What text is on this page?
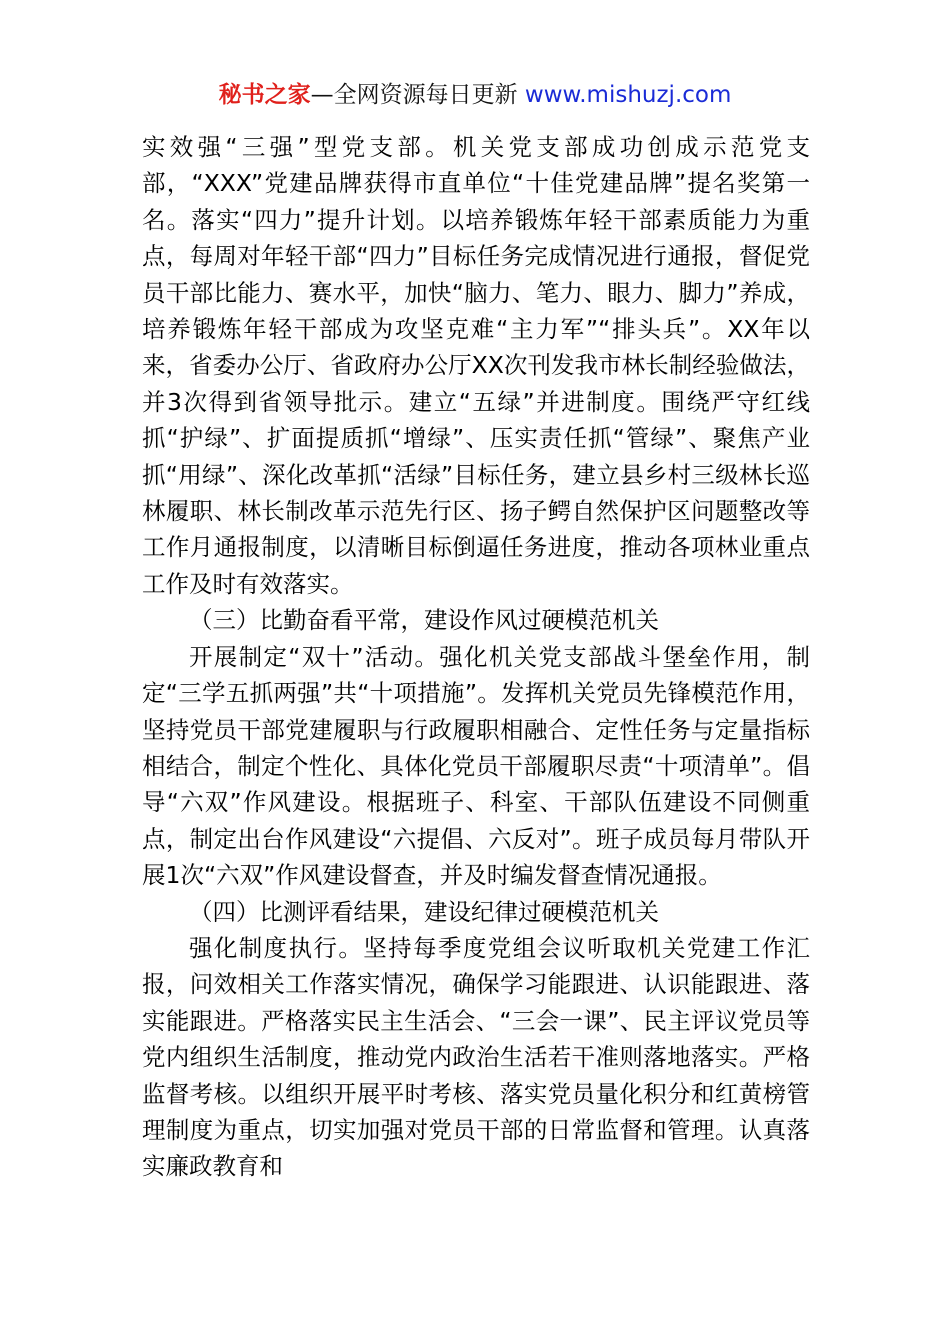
秘书之家—全网资源每日更新 www.mishuzj.com

实效强“三强”型党支部。机关党支部成功创成示范党支部，“XXX”党建品牌获得市直单位“十佳党建品牌”提名奖第一名。落实“四力”提升计划。以培养锻炼年轻干部素质能力为重点，每周对年轻干部“四力”目标任务完成情况进行通报，督促党员干部比能力、赛水平，加快“脑力、笔力、眼力、脚力”养成，培养锻炼年轻干部成为攻坚克难“主力军”“排头兵”。XX年以来，省委办公厅、省政府办公厅XX次刊发我市林长制经验做法，并3次得到省领导批示。建立“五绿”并进制度。围绕严守红线抓“护绿”、扩面提质抓“增绿”、压实责任抓“管绿”、聚焦产业抓“用绿”、深化改革抓“活绿”目标任务，建立县乡村三级林长巡林履职、林长制改革示范先行区、扬子鳄自然保护区问题整改等工作月通报制度，以清晰目标倒逼任务进度，推动各项林业重点工作及时有效落实。

（三）比勤奋看平常，建设作风过硬模范机关

开展制定“双十”活动。强化机关党支部战斗堡垒作用，制定“三学五抓两强”共“十项措施”。发挥机关党员先锋模范作用，坚持党员干部党建履职与行政履职相融合、定性任务与定量指标相结合，制定个性化、具体化党员干部履职尽责“十项清单”。倡导“六双”作风建设。根据班子、科室、干部队伍建设不同侧重点，制定出台作风建设“六提倡、六反对”。班子成员每月带队开展1次“六双”作风建设督查，并及时编发督查情况通报。

（四）比测评看结果，建设纪律过硬模范机关

强化制度执行。坚持每季度党组会议听取机关党建工作汇报，问效相关工作落实情况，确保学习能跟进、认识能跟进、落实能跟进。严格落实民主生活会、“三会一课”、民主评议党员等党内组织生活制度，推动党内政治生活若干准则落地落实。严格监督考核。以组织开展平时考核、落实党员量化积分和红黄榜管理制度为重点，切实加强对党员干部的日常监督和管理。认真落实廉政教育和
